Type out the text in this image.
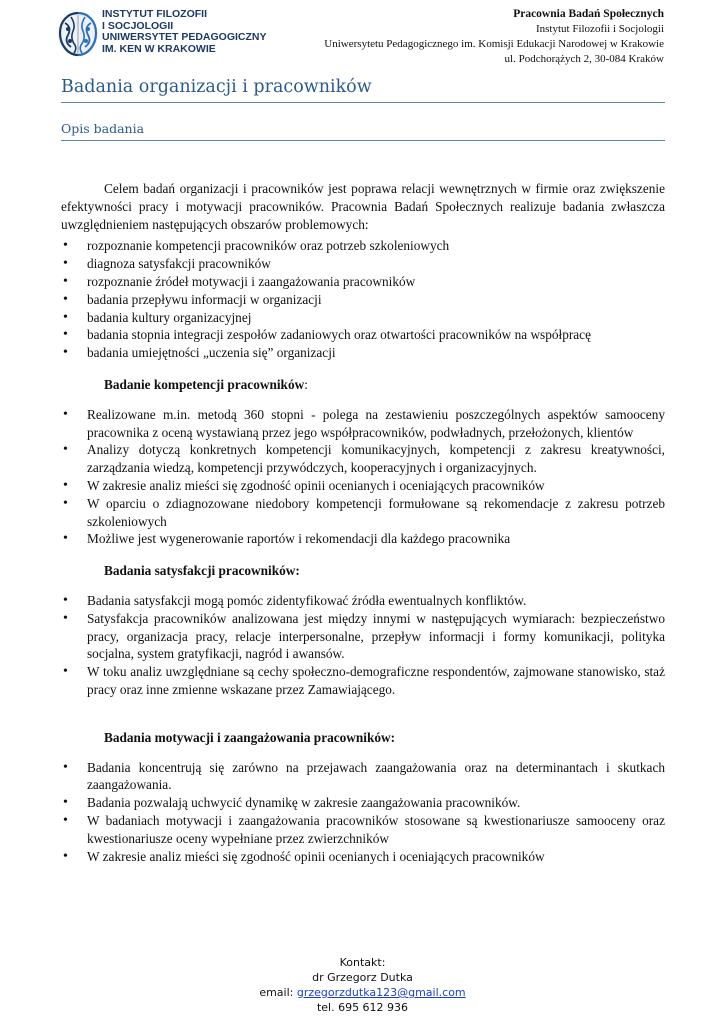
INSTYTUT FILOZOFII
I SOCJOLOGII
UNIWERSYTET PEDAGOGICZNY
IM. KEN W KRAKOWIE
Pracownia Badań Społecznych
Instytut Filozofii i Socjologii
Uniwersytetu Pedagogicznego im. Komisji Edukacji Narodowej w Krakowie
ul. Podchorążych 2, 30-084 Kraków
Badania organizacji i pracowników
Opis badania

Celem badań organizacji i pracowników jest poprawa relacji wewnętrznych w firmie oraz zwiększenie efektywności pracy i motywacji pracowników. Pracownia Badań Społecznych realizuje badania zwłaszcza uwzględnieniem następujących obszarów problemowych:

• rozpoznanie kompetencji pracowników oraz potrzeb szkoleniowych
• diagnoza satysfakcji pracowników
• rozpoznanie źródeł motywacji i zaangażowania pracowników
• badania przepływu informacji w organizacji
• badania kultury organizacyjnej
• badania stopnia integracji zespołów zadaniowych oraz otwartości pracowników na współpracę
• badania umiejętności „uczenia się” organizacji
Badanie kompetencji pracowników:
• Realizowane m.in. metodą 360 stopni - polega na zestawieniu poszczególnych aspektów samooceny pracownika z oceną wystawianą przez jego współpracowników, podwładnych, przełożonych, klientów
• Analizy dotyczą konkretnych kompetencji komunikacyjnych, kompetencji z zakresu kreatywności, zarządzania wiedzą, kompetencji przywódczych, kooperacyjnych i organizacyjnych.
• W zakresie analiz mieści się zgodność opinii ocenianych i oceniających pracowników
• W oparciu o zdiagnozowane niedobory kompetencji formułowane są rekomendacje z zakresu potrzeb szkoleniowych
• Możliwe jest wygenerowanie raportów i rekomendacji dla każdego pracownika
Badania satysfakcji pracowników:
• Badania satysfakcji mogą pomóc zidentyfikować źródła ewentualnych konfliktów.
• Satysfakcja pracowników analizowana jest między innymi w następujących wymiarach: bezpieczeństwo pracy, organizacja pracy, relacje interpersonalne, przepływ informacji i formy komunikacji, polityka socjalna, system gratyfikacji, nagród i awansów.
• W toku analiz uwzględniane są cechy społeczno-demograficzne respondentów, zajmowane stanowisko, staż pracy oraz inne zmienne wskazane przez Zamawiającego.
Badania motywacji i zaangażowania pracowników:
• Badania koncentrują się zarówno na przejawach zaangażowania oraz na determinantach i skutkach zaangażowania.
• Badania pozwalają uchwycić dynamikę w zakresie zaangażowania pracowników.
• W badaniach motywacji i zaangażowania pracowników stosowane są kwestionariusze samooceny oraz kwestionariusze oceny wypełniane przez zwierzchników
• W zakresie analiz mieści się zgodność opinii ocenianych i oceniających pracowników
Kontakt:
dr Grzegorz Dutka
email: grzegorzdutka123@gmail.com
tel. 695 612 936
